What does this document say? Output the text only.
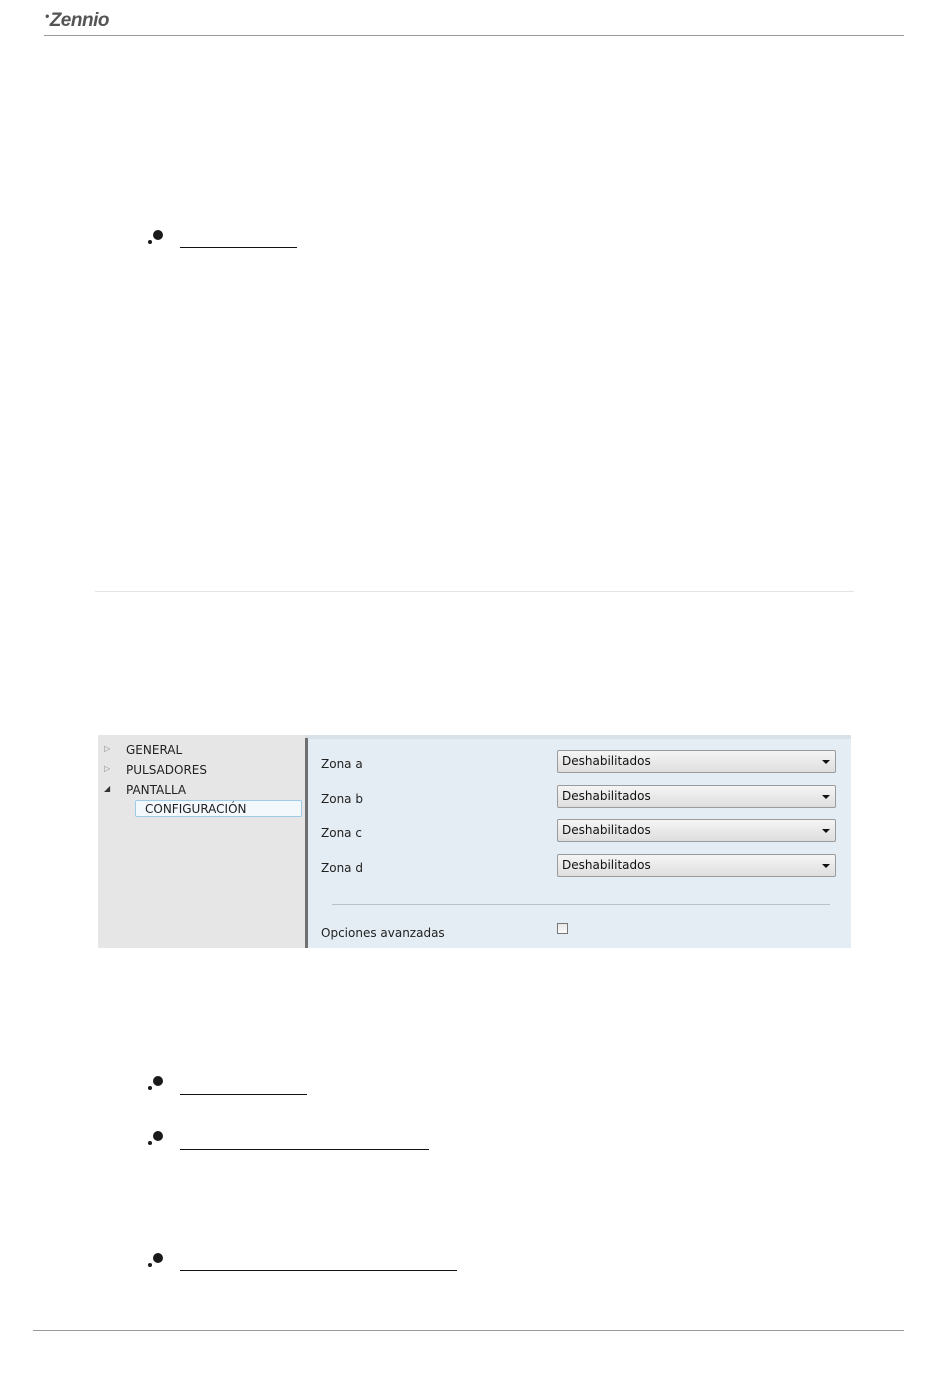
•Zennio
▷ GENERAL
▷ PULSADORES
◢ PANTALLA
CONFIGURACIÓN
Zona a	Deshabilitados
Zona b	Deshabilitados
Zona c	Deshabilitados
Zona d	Deshabilitados
Opciones avanzadas
